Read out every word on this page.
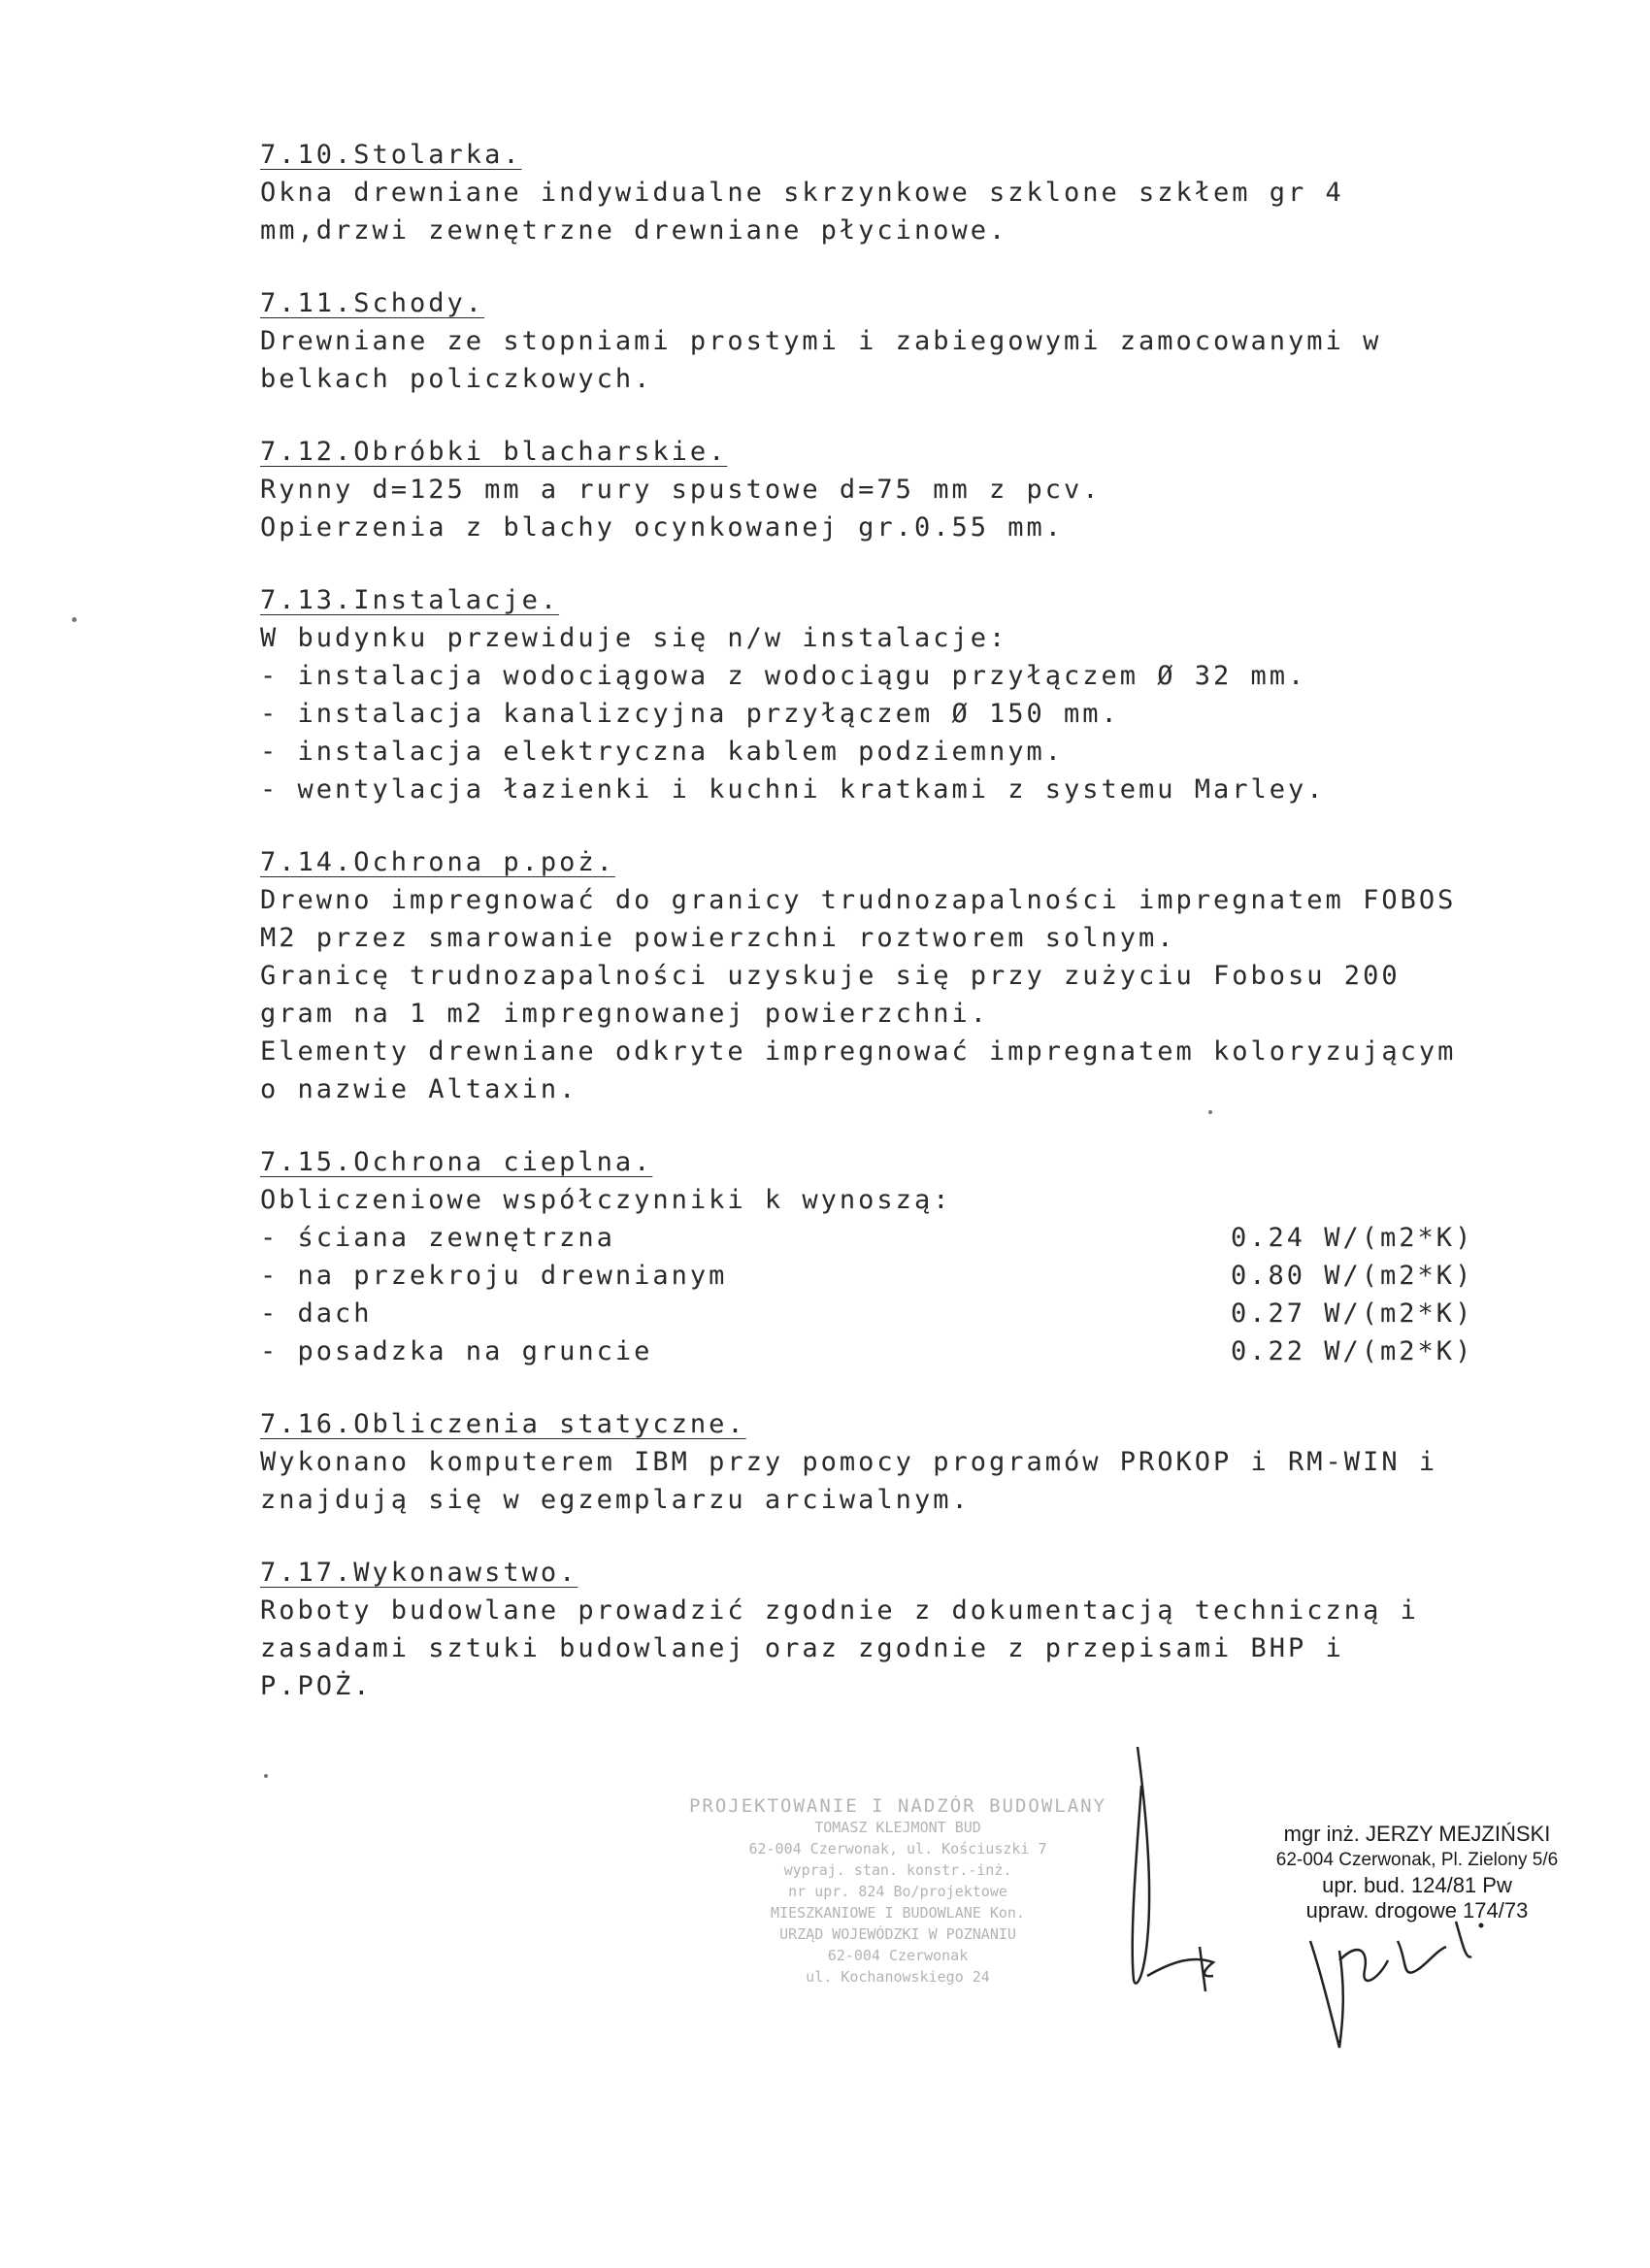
7.10.Stolarka.
Okna drewniane indywidualne skrzynkowe szklone szkłem gr 4
mm,drzwi zewnętrzne drewniane płycinowe.
7.11.Schody.
Drewniane ze stopniami prostymi i zabiegowymi zamocowanymi w
belkach policzkowych.
7.12.Obróbki blacharskie.
Rynny d=125 mm a rury spustowe d=75 mm z pcv.
Opierzenia z blachy ocynkowanej gr.0.55 mm.
7.13.Instalacje.
W budynku przewiduje się n/w instalacje:
- instalacja wodociągowa z wodociągu przyłączem Ø 32 mm.
- instalacja kanalizcyjna przyłączem Ø 150 mm.
- instalacja elektryczna kablem podziemnym.
- wentylacja łazienki i kuchni kratkami z systemu Marley.
7.14.Ochrona p.poż.
Drewno impregnować do granicy trudnozapalności impregnatem FOBOS
M2 przez smarowanie powierzchni roztworem solnym.
Granicę trudnozapalności uzyskuje się przy zużyciu Fobosu 200
gram na 1 m2 impregnowanej powierzchni.
Elementy drewniane odkryte impregnować impregnatem koloryzującym
o nazwie Altaxin.
7.15.Ochrona cieplna.
Obliczeniowe współczynniki k wynoszą:
- ściana zewnętrzna	0.24 W/(m2*K)
- na przekroju drewnianym	0.80 W/(m2*K)
- dach	0.27 W/(m2*K)
- posadzka na gruncie	0.22 W/(m2*K)
7.16.Obliczenia statyczne.
Wykonano komputerem IBM przy pomocy programów PROKOP i RM-WIN i
znajdują się w egzemplarzu arciwalnym.
7.17.Wykonawstwo.
Roboty budowlane prowadzić zgodnie z dokumentacją techniczną i
zasadami sztuki budowlanej oraz zgodnie z przepisami BHP i
P.POŻ.
PROJEKTOWANIE I NADZÓR BUDOWLANY
TOMASZ KLEJMONT BUD
62-004 Czerwonak, ul. Kościuszki 7
wypraj. stan. konstr.-inż.
nr upr. 824 Bo/projektowe
MIESZKANIOWE I BUDOWLANE Kon.
URZĄD WOJEWÓDZKI W POZNANIU
62-004 Czerwonak
ul. Kochanowskiego 24
mgr inż. JERZY MEJZIŃSKI
62-004 Czerwonak, Pl. Zielony 5/6
upr. bud. 124/81 Pw
upraw. drogowe 174/73
